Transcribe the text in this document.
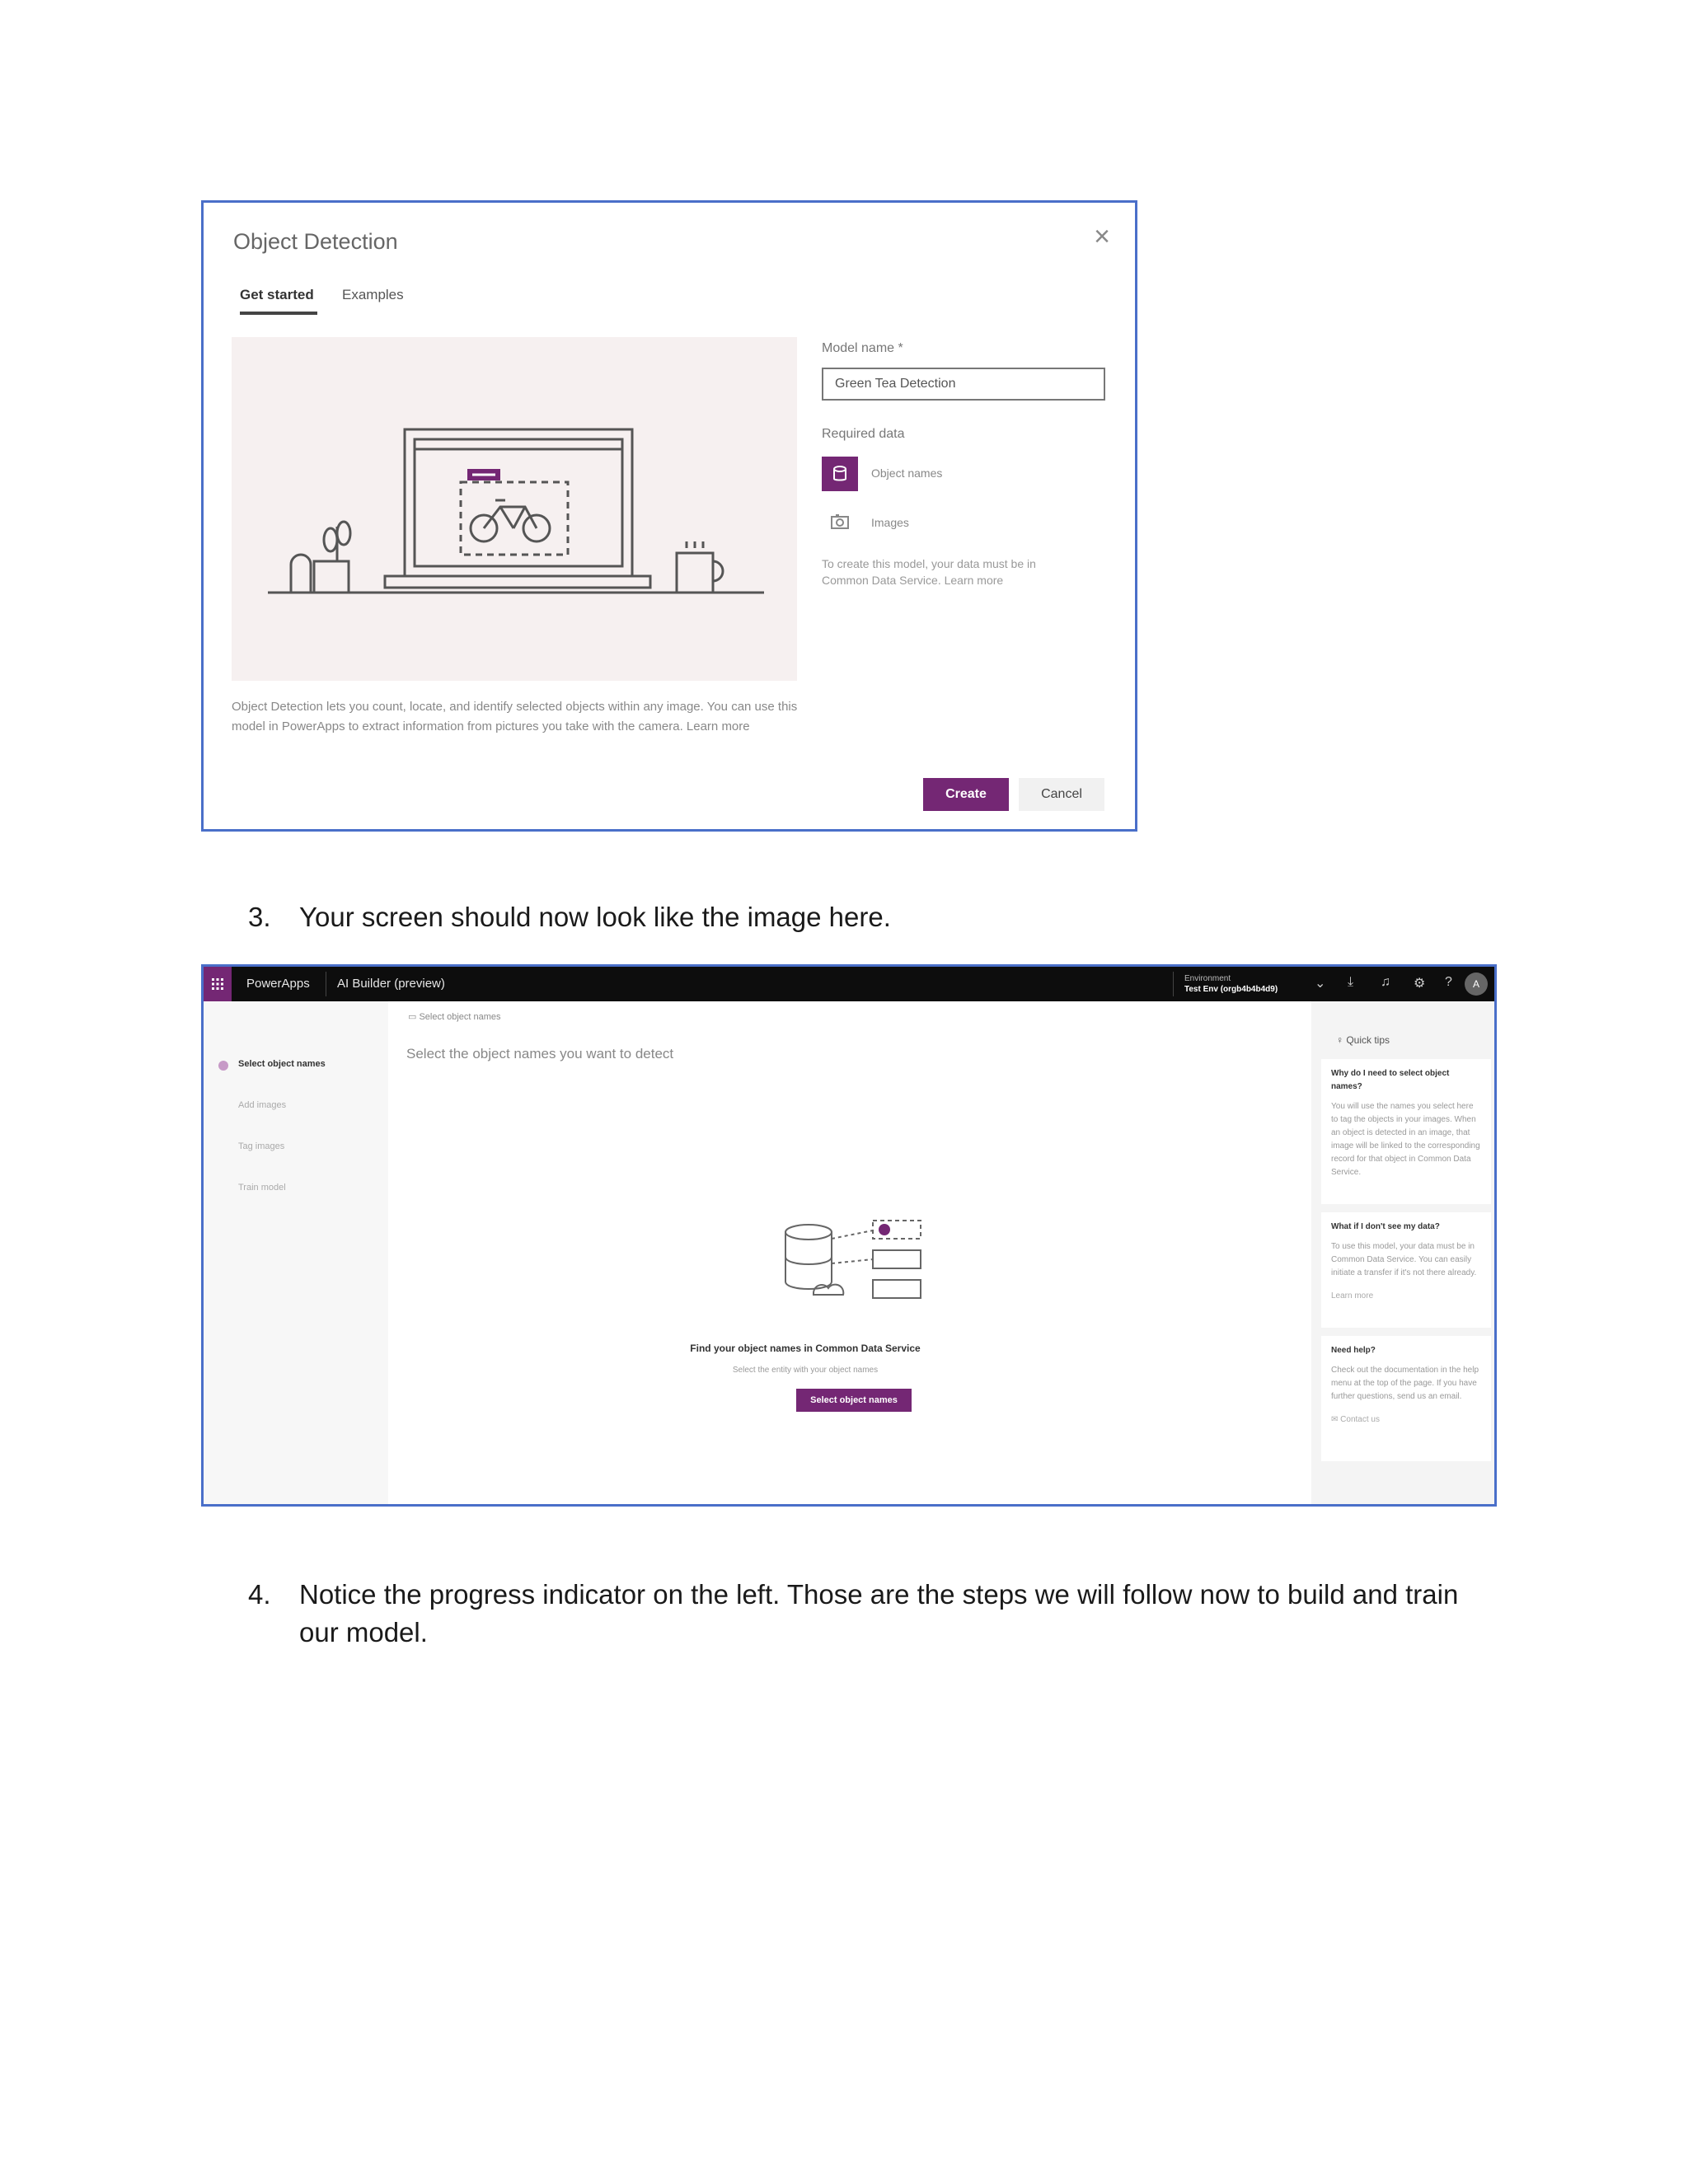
Object Detection	×
Get started Examples
Object Detection lets you count, locate, and identify selected objects within any image. You can use this model in PowerApps to extract information from pictures you take with the camera. Learn more
Model name *
Green Tea Detection
Required data
Object names
Images
To create this model, your data must be in Common Data Service. Learn more
Create	Cancel
3. Your screen should now look like the image here.
PowerApps AI Builder (preview)	Environment
Test Env (orgb4b4b4d9)	⌄ ⤓ ♫ ⚙ ?	A
Select object names
Add images
Tag images
Train model
▭ Select object names
Select the object names you want to detect
Find your object names in Common Data Service
Select the entity with your object names
Select object names
♀ Quick tips
Why do I need to select object names?
You will use the names you select here to tag the objects in your images. When an object is detected in an image, that image will be linked to the corresponding record for that object in Common Data Service.
What if I don't see my data?
To use this model, your data must be in Common Data Service. You can easily initiate a transfer if it's not there already.
Learn more
Need help?
Check out the documentation in the help menu at the top of the page. If you have further questions, send us an email.
✉ Contact us
4. Notice the progress indicator on the left. Those are the steps we will follow now to build and train our model.
